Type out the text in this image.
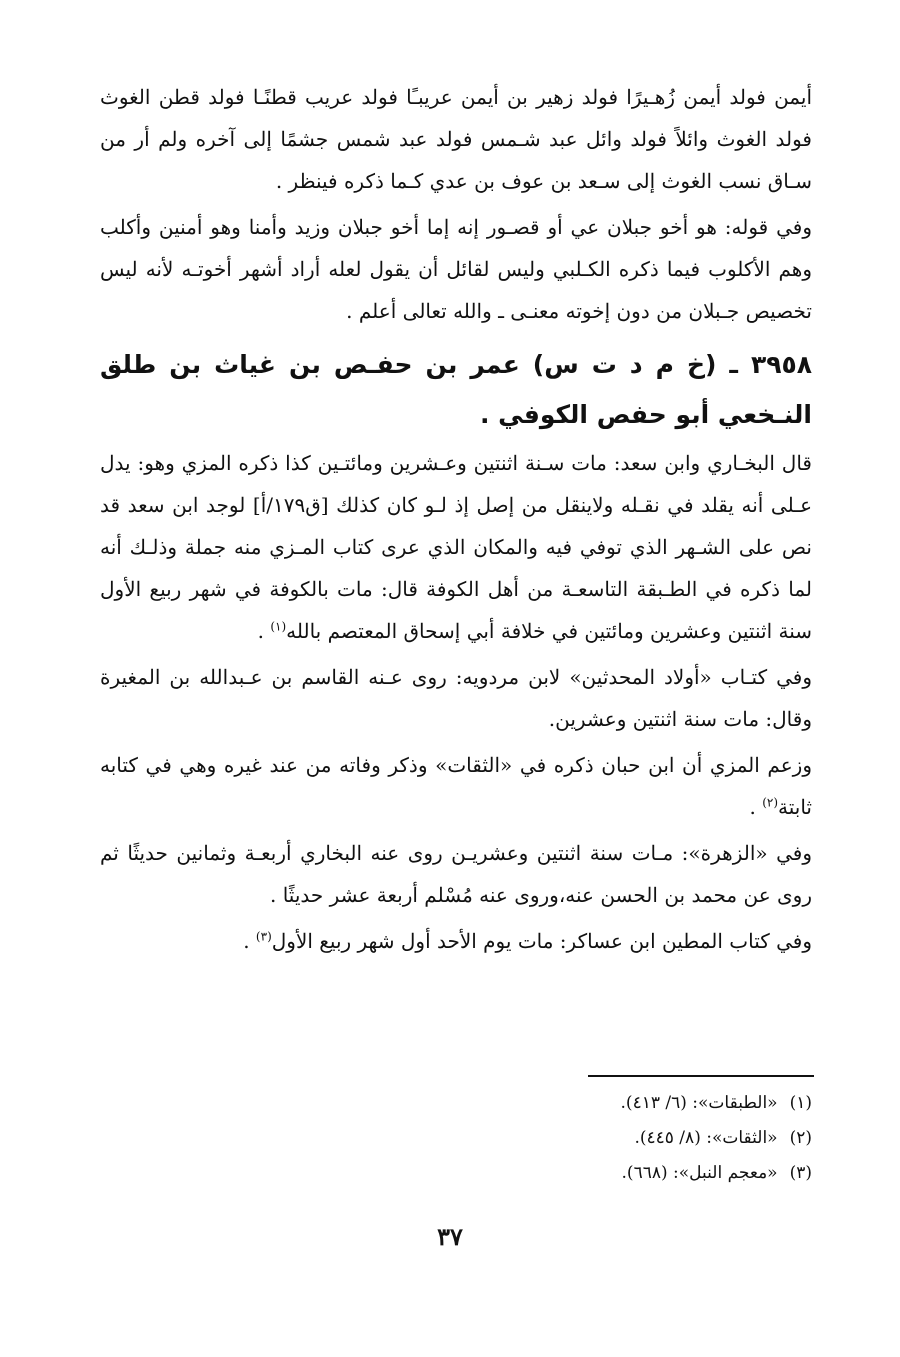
أيمن فولد أيمن زُهـيرًا فولد زهير بن أيمن عريبـًا فولد عريب قطنًـا فولد قطن الغوث فولد الغوث وائلاً فولد وائل عبد شـمس فولد عبد شمس جشمًا إلى آخره ولم أر من سـاق نسب الغوث إلى سـعد بن عوف بن عدي كـما ذكره فينظر .

وفي قوله: هو أخو جبلان عي أو قصـور إنه إما أخو جبلان وزيد وأمنا وهو أمنين وأكلب وهم الأكلوب فيما ذكره الكـلبي وليس لقائل أن يقول لعله أراد أشهر أخوتـه لأنه ليس تخصيص جـبلان من دون إخوته معنـى ـ والله تعالى أعلم .

٣٩٥٨ ـ (خ م د ت س) عمر بن حفـص بن غياث بن طلق النـخعي أبو حفص الكوفي .

قال البخـاري وابن سعد: مات سـنة اثنتين وعـشرين ومائتـين كذا ذكره المزي وهو: يدل عـلى أنه يقلد في نقـله ولاينقل من إصل إذ لـو كان كذلك [ق١٧٩/أ] لوجد ابن سعد قد نص على الشـهر الذي توفي فيه والمكان الذي عرى كتاب المـزي منه جملة وذلـك أنه لما ذكره في الطـبقة التاسعـة من أهل الكوفة قال: مات بالكوفة في شهر ربيع الأول سنة اثنتين وعشرين ومائتين في خلافة أبي إسحاق المعتصم بالله$^{(١)}$ .

وفي كتـاب «أولاد المحدثين» لابن مردويه: روى عـنه القاسم بن عـبدالله بن المغيرة وقال: مات سنة اثنتين وعشرين.

وزعم المزي أن ابن حبان ذكره في «الثقات» وذكر وفاته من عند غيره وهي في كتابه ثابتة$^{(٢)}$ .

وفي «الزهرة»: مـات سنة اثنتين وعشريـن روى عنه البخاري أربعـة وثمانين حديثًا ثم روى عن محمد بن الحسن عنه،وروى عنه مُسْلم أربعة عشر حديثًا .

وفي كتاب المطين ابن عساكر: مات يوم الأحد أول شهر ربيع الأول$^{(٣)}$ .

(١)«الطبقات»: (٦/ ٤١٣).

(٢)«الثقات»: (٨/ ٤٤٥).

(٣)«معجم النبل»: (٦٦٨).

٣٧
